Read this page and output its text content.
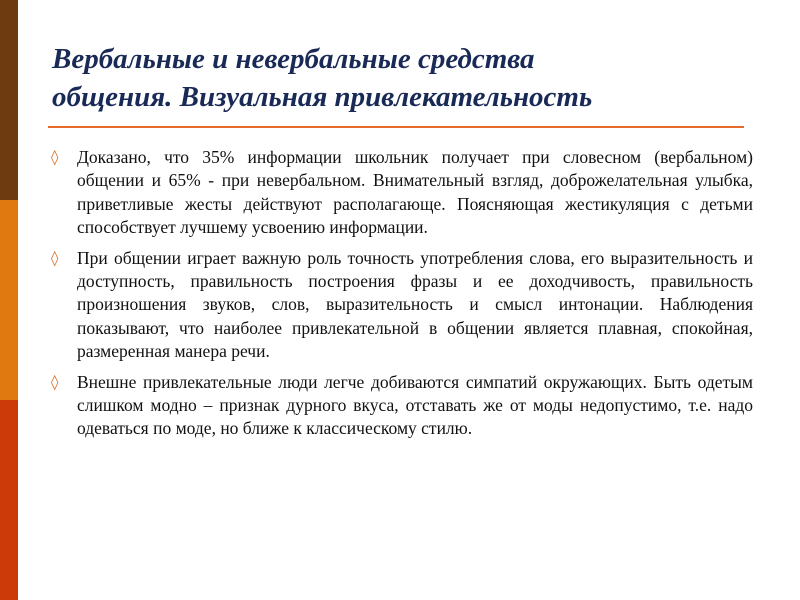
Вербальные и невербальные средства
общения. Визуальная привлекательность
◊ Доказано, что 35% информации школьник получает при словесном (вербальном) общении и 65% - при невербальном. Внимательный взгляд, доброжелательная улыбка, приветливые жесты действуют располагающе. Поясняющая жестикуляция с детьми способствует лучшему усвоению информации.
◊ При общении играет важную роль точность употребления слова, его выразительность и доступность, правильность построения фразы и ее доходчивость, правильность произношения звуков, слов, выразительность и смысл интонации. Наблюдения показывают, что наиболее привлекательной в общении является плавная, спокойная, размеренная манера речи.
◊ Внешне привлекательные люди легче добиваются симпатий окружающих. Быть одетым слишком модно – признак дурного вкуса, отставать же от моды недопустимо, т.е. надо одеваться по моде, но ближе к классическому стилю.
